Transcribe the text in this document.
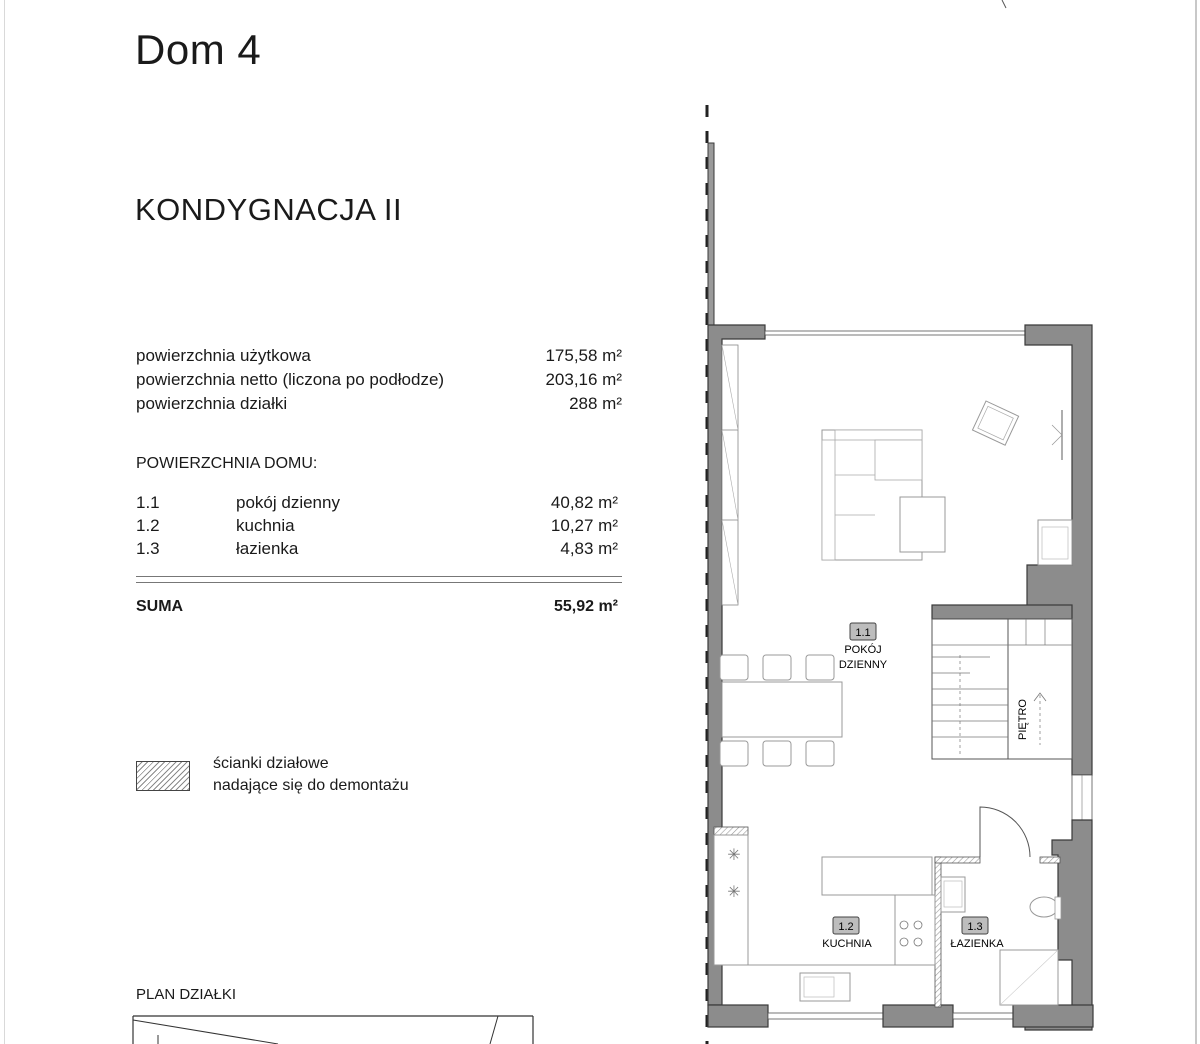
Dom 4
KONDYGNACJA II
powierzchnia użytkowa	175,58 m²
powierzchnia netto (liczona po podłodze)	203,16 m²
powierzchnia działki	288 m²
POWIERZCHNIA DOMU:
1.1	pokój dzienny	40,82 m²
1.2	kuchnia	10,27 m²
1.3	łazienka	4,83 m²
SUMA	55,92 m²
ścianki działowe
nadające się do demontażu
PLAN DZIAŁKI
✳
✳
1.1
POKÓJ
DZIENNY
1.2
KUCHNIA
1.3
ŁAZIENKA
PIĘTRO
